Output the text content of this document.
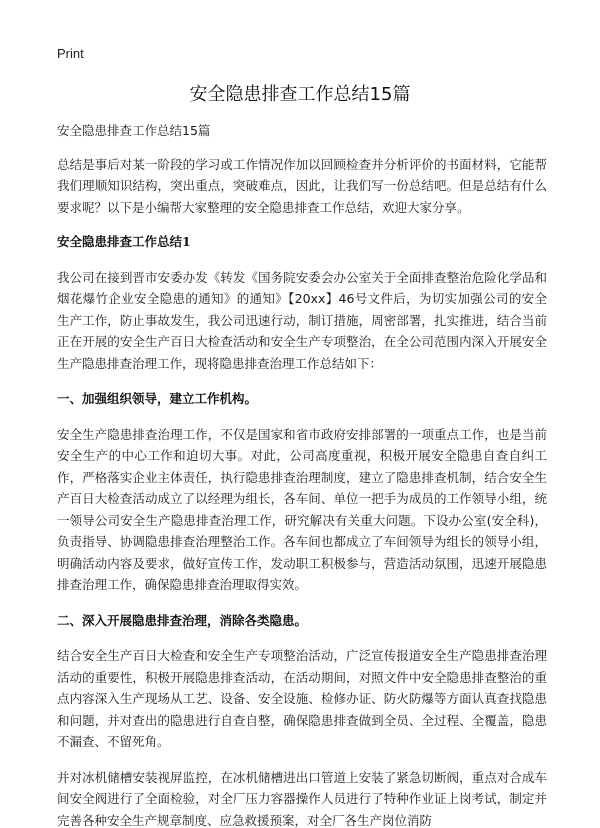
Print
安全隐患排查工作总结15篇

安全隐患排查工作总结15篇

总结是事后对某一阶段的学习或工作情况作加以回顾检查并分析评价的书面材料，它能帮我们理顺知识结构，突出重点，突破难点，因此，让我们写一份总结吧。但是总结有什么要求呢？以下是小编帮大家整理的安全隐患排查工作总结，欢迎大家分享。

安全隐患排查工作总结1

我公司在接到晋市安委办发《转发《国务院安委会办公室关于全面排查整治危险化学品和烟花爆竹企业安全隐患的通知》的通知》【20xx】46号文件后，为切实加强公司的安全生产工作，防止事故发生，我公司迅速行动，制订措施，周密部署，扎实推进，结合当前正在开展的安全生产百日大检查活动和安全生产专项整治，在全公司范围内深入开展安全生产隐患排查治理工作，现将隐患排查治理工作总结如下：

一、加强组织领导，建立工作机构。

安全生产隐患排查治理工作，不仅是国家和省市政府安排部署的一项重点工作，也是当前安全生产的中心工作和迫切大事。对此，公司高度重视，积极开展安全隐患自查自纠工作，严格落实企业主体责任，执行隐患排查治理制度，建立了隐患排查机制，结合安全生产百日大检查活动成立了以经理为组长，各车间、单位一把手为成员的工作领导小组，统一领导公司安全生产隐患排查治理工作，研究解决有关重大问题。下设办公室(安全科)，负责指导、协调隐患排查治理整治工作。各车间也都成立了车间领导为组长的领导小组，明确活动内容及要求，做好宣传工作，发动职工积极参与，营造活动氛围，迅速开展隐患排查治理工作，确保隐患排查治理取得实效。

二、深入开展隐患排查治理，消除各类隐患。

结合安全生产百日大检查和安全生产专项整治活动，广泛宣传报道安全生产隐患排查治理活动的重要性，积极开展隐患排查活动，在活动期间，对照文件中安全隐患排查整治的重点内容深入生产现场从工艺、设备、安全设施、检修办证、防火防爆等方面认真查找隐患和问题，并对查出的隐患进行自查自整，确保隐患排查做到全员、全过程、全覆盖，隐患不漏查、不留死角。

并对冰机储槽安装视屏监控，在冰机储槽进出口管道上安装了紧急切断阀，重点对合成车间安全阀进行了全面检验，对全厂压力容器操作人员进行了特种作业证上岗考试，制定并完善各种安全生产规章制度、应急救援预案，对全厂各生产岗位消防
